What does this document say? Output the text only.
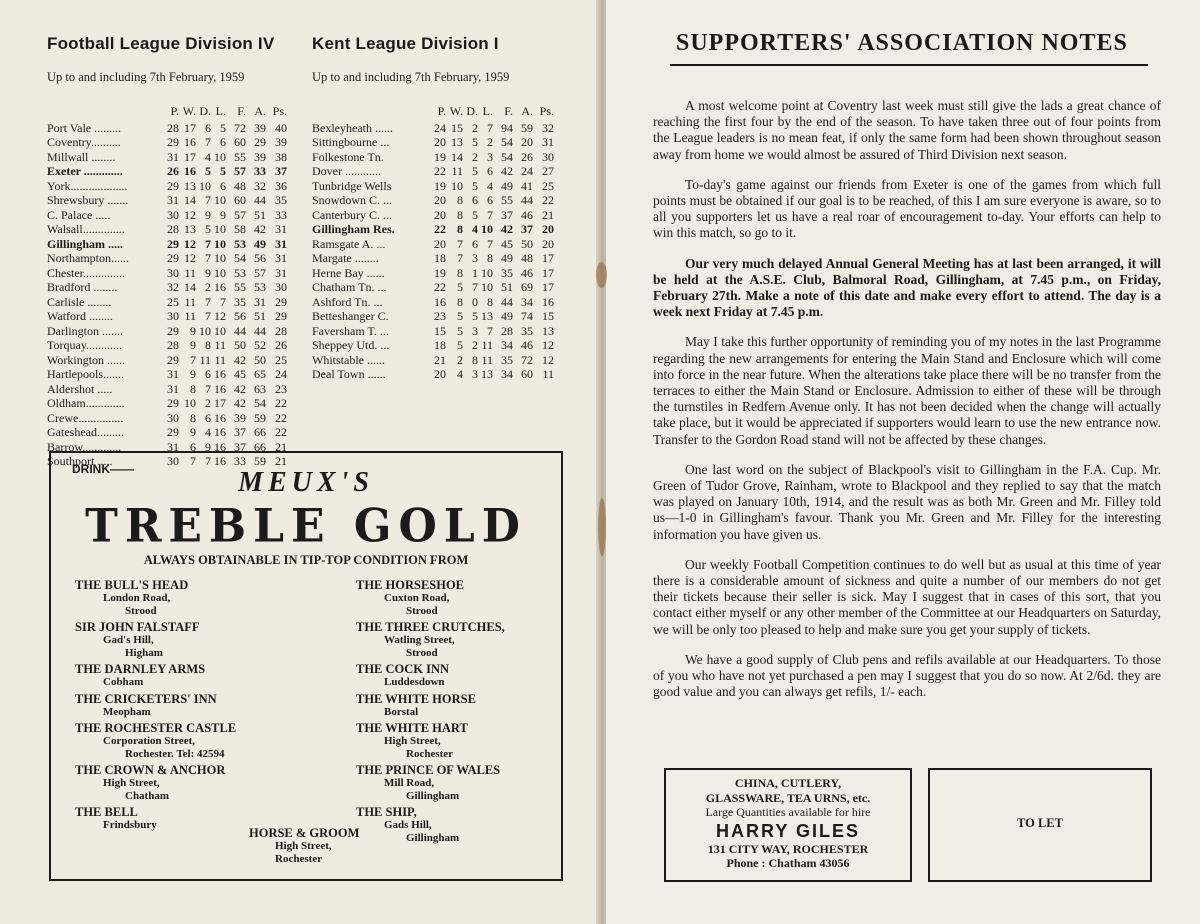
Football League Division IV
Up to and including 7th February, 1959
P. W. D. L. F. A. Ps.
Port Vale .........	28 17 6 5 72 39 40
Coventry..........	29 16 7 6 60 29 39
Millwall ........	31 17 4 10 55 39 38
Exeter .............	26 16 5 5 57 33 37
York...................	29 13 10 6 48 32 36
Shrewsbury .......	31 14 7 10 60 44 35
C. Palace .....	30 12 9 9 57 51 33
Walsall..............	28 13 5 10 58 42 31
Gillingham .....	29 12 7 10 53 49 31
Northampton......	29 12 7 10 54 56 31
Chester..............	30 11 9 10 53 57 31
Bradford ........	32 14 2 16 55 53 30
Carlisle ........	25 11 7 7 35 31 29
Watford ........	30 11 7 12 56 51 29
Darlington .......	29 9 10 10 44 44 28
Torquay............	28 9 8 11 50 52 26
Workington ......	29 7 11 11 42 50 25
Hartlepools.......	31 9 6 16 45 65 24
Aldershot .....	31 8 7 16 42 63 23
Oldham.............	29 10 2 17 42 54 22
Crewe...............	30 8 6 16 39 59 22
Gateshead.........	29 9 4 16 37 66 22
Barrow.............	31 6 9 16 37 66 21
Southport .....	30 7 7 16 33 59 21
Kent League Division I
Up to and including 7th February, 1959
P. W. D. L. F. A. Ps.
Bexleyheath ......	24 15 2 7 94 59 32
Sittingbourne ...	20 13 5 2 54 20 31
Folkestone Tn.	19 14 2 3 54 26 30
Dover ............	22 11 5 6 42 24 27
Tunbridge Wells	19 10 5 4 49 41 25
Snowdown C. ...	20 8 6 6 55 44 22
Canterbury C. ...	20 8 5 7 37 46 21
Gillingham Res.	22 8 4 10 42 37 20
Ramsgate A. ...	20 7 6 7 45 50 20
Margate ........	18 7 3 8 49 48 17
Herne Bay ......	19 8 1 10 35 46 17
Chatham Tn. ...	22 5 7 10 51 69 17
Ashford Tn. ...	16 8 0 8 44 34 16
Betteshanger C.	23 5 5 13 49 74 15
Faversham T. ...	15 5 3 7 28 35 13
Sheppey Utd. ...	18 5 2 11 34 46 12
Whitstable ......	21 2 8 11 35 72 12
Deal Town ......	20 4 3 13 34 60 11
DRINK——	MEUX'S
TREBLE GOLD
ALWAYS OBTAINABLE IN TIP-TOP CONDITION FROM
THE BULL'S HEAD
London Road,
Strood
SIR JOHN FALSTAFF
Gad's Hill,
Higham
THE DARNLEY ARMS
Cobham
THE CRICKETERS' INN
Meopham
THE ROCHESTER CASTLE
Corporation Street,
Rochester. Tel: 42594
THE CROWN & ANCHOR
High Street,
Chatham
THE BELL
Frindsbury
THE HORSESHOE
Cuxton Road,
Strood
THE THREE CRUTCHES,
Watling Street,
Strood
THE COCK INN
Luddesdown
THE WHITE HORSE
Borstal
THE WHITE HART
High Street,
Rochester
THE PRINCE OF WALES
Mill Road,
Gillingham
THE SHIP,
Gads Hill,
Gillingham
HORSE & GROOM
High Street,
Rochester
SUPPORTERS' ASSOCIATION NOTES

A most welcome point at Coventry last week must still give the lads a great chance of reaching the first four by the end of the season. To have taken three out of four points from the League leaders is no mean feat, if only the same form had been shown throughout season away from home we would almost be assured of Third Division next season.

To-day's game against our friends from Exeter is one of the games from which full points must be obtained if our goal is to be reached, of this I am sure everyone is aware, so to all you supporters let us have a real roar of encouragement to-day. Your efforts can help to win this match, so go to it.

Our very much delayed Annual General Meeting has at last been arranged, it will be held at the A.S.E. Club, Balmoral Road, Gillingham, at 7.45 p.m., on Friday, February 27th. Make a note of this date and make every effort to attend. The day is a week next Friday at 7.45 p.m.

May I take this further opportunity of reminding you of my notes in the last Programme regarding the new arrangements for entering the Main Stand and Enclosure which will come into force in the near future. When the alterations take place there will be no transfer from the terraces to either the Main Stand or Enclosure. Admission to either of these will be through the turnstiles in Redfern Avenue only. It has not been decided when the change will actually take place, but it would be appreciated if supporters would learn to use the new entrance now. Transfer to the Gordon Road stand will not be affected by these changes.

One last word on the subject of Blackpool's visit to Gillingham in the F.A. Cup. Mr. Green of Tudor Grove, Rainham, wrote to Blackpool and they replied to say that the match was played on January 10th, 1914, and the result was as both Mr. Green and Mr. Filley told us—1-0 in Gillingham's favour. Thank you Mr. Green and Mr. Filley for the interesting information you have given us.

Our weekly Football Competition continues to do well but as usual at this time of year there is a considerable amount of sickness and quite a number of our members do not get their tickets because their seller is sick. May I suggest that in cases of this sort, that you contact either myself or any other member of the Committee at our Headquarters on Saturday, we will be only too pleased to help and make sure you get your supply of tickets.

We have a good supply of Club pens and refils available at our Headquarters. To those of you who have not yet purchased a pen may I suggest that you do so now. At 2/6d. they are good value and you can always get refils, 1/- each.

CHINA, CUTLERY,
GLASSWARE, TEA URNS, etc.
Large Quantities available for hire
HARRY GILES
131 CITY WAY, ROCHESTER
Phone : Chatham 43056
TO LET
